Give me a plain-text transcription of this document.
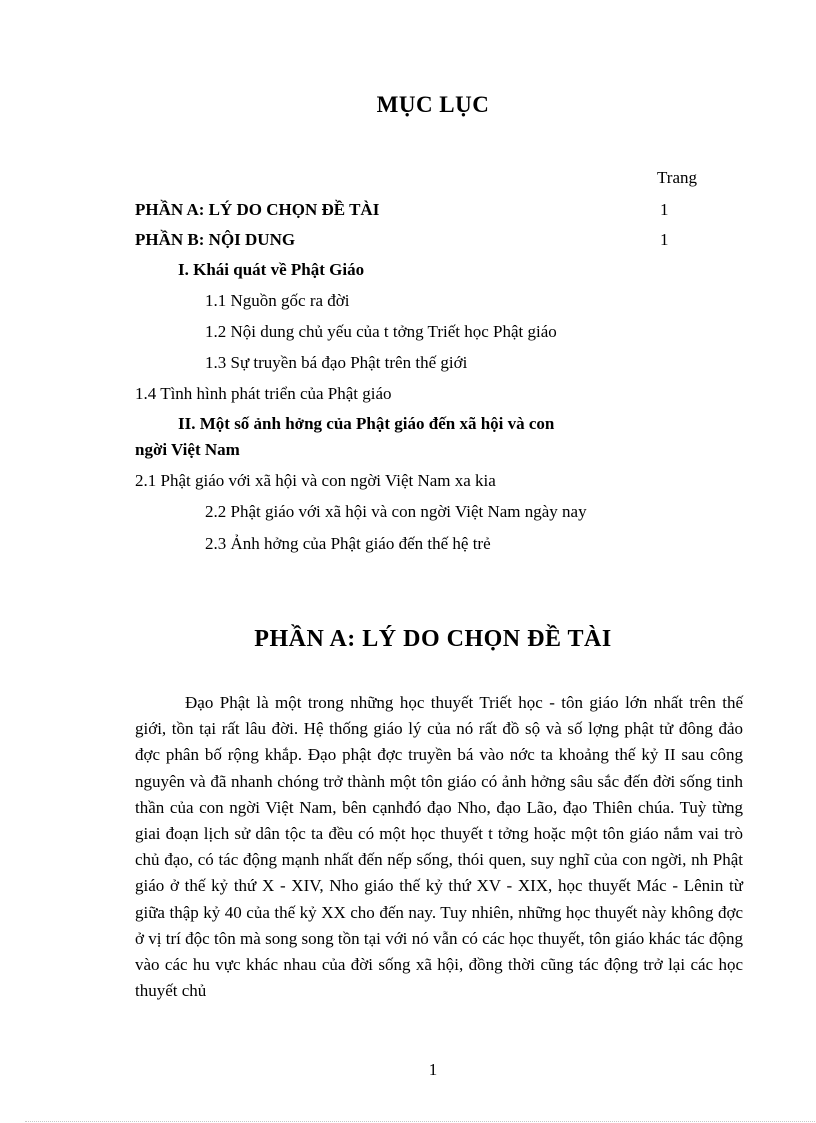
MỤC LỤC
Trang
PHẦN A: LÝ DO CHỌN ĐỀ TÀI	1
PHẦN B: NỘI DUNG	1
I. Khái quát về Phật Giáo
1.1 Nguồn gốc ra đời
1.2 Nội dung chủ yếu của t tởng Triết học Phật giáo
1.3 Sự truyền bá đạo Phật trên thế giới
1.4 Tình hình phát triển của Phật giáo
II. Một số ảnh hởng của Phật giáo đến xã hội và con
ngời Việt Nam
2.1 Phật giáo với xã hội và con ngời Việt Nam xa kia
2.2 Phật giáo với xã hội và con ngời Việt Nam ngày nay
2.3 Ảnh hởng của Phật giáo đến thế hệ trẻ
PHẦN A: LÝ DO CHỌN ĐỀ TÀI

Đạo Phật là một trong những học thuyết Triết học - tôn giáo lớn nhất trên thế giới, tồn tại rất lâu đời. Hệ thống giáo lý của nó rất đồ sộ và số lợng phật tử đông đảo đợc phân bố rộng khắp. Đạo phật đợc truyền bá vào nớc ta khoảng thế kỷ II sau công nguyên và đã nhanh chóng trở thành một tôn giáo có ảnh hởng sâu sắc đến đời sống tinh thần của con ngời Việt Nam, bên cạnhđó đạo Nho, đạo Lão, đạo Thiên chúa. Tuỳ từng giai đoạn lịch sử dân tộc ta đều có một học thuyết t tởng hoặc một tôn giáo nắm vai trò chủ đạo, có tác động mạnh nhất đến nếp sống, thói quen, suy nghĩ của con ngời, nh Phật giáo ở thế kỷ thứ X - XIV, Nho giáo thế kỷ thứ XV - XIX, học thuyết Mác - Lênin từ giữa thập kỷ 40 của thế kỷ XX cho đến nay. Tuy nhiên, những học thuyết này không đợc ở vị trí độc tôn mà song song tồn tại với nó vẫn có các học thuyết, tôn giáo khác tác động vào các hu vực khác nhau của đời sống xã hội, đồng thời cũng tác động trở lại các học thuyết chủ

1
